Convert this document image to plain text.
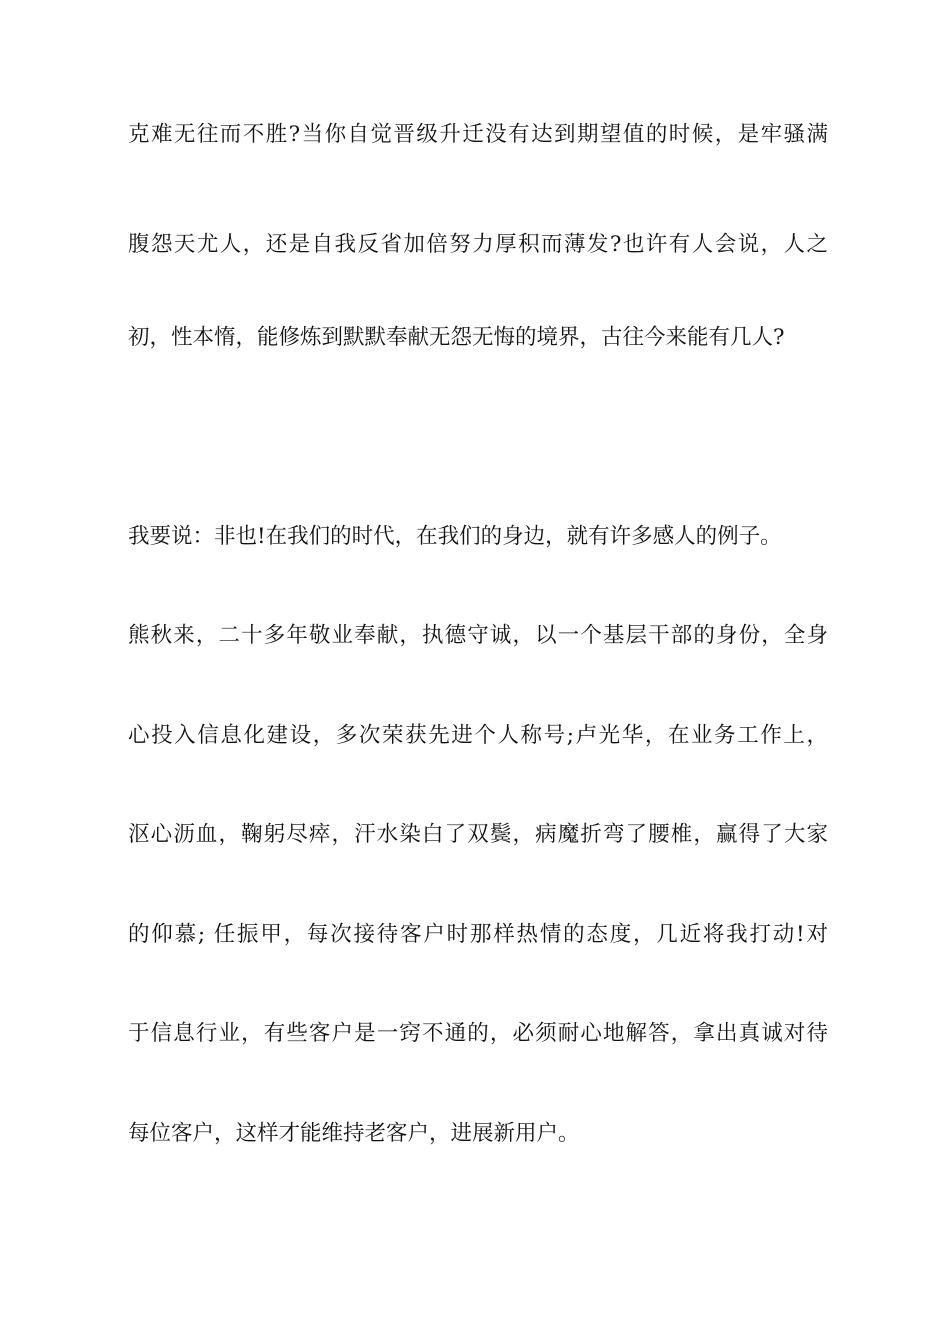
克难无往而不胜?当你自觉晋级升迁没有达到期望值的时候，是牢骚满
腹怨天尤人，还是自我反省加倍努力厚积而薄发?也许有人会说，人之
初，性本惰，能修炼到默默奉献无怨无悔的境界，古往今来能有几人?
我要说：非也!在我们的时代，在我们的身边，就有许多感人的例子。
熊秋来，二十多年敬业奉献，执德守诚，以一个基层干部的身份，全身
心投入信息化建设，多次荣获先进个人称号;卢光华，在业务工作上，
沤心沥血，鞠躬尽瘁，汗水染白了双鬓，病魔折弯了腰椎，赢得了大家
的仰慕; 任振甲，每次接待客户时那样热情的态度，几近将我打动!对
于信息行业，有些客户是一窍不通的，必须耐心地解答，拿出真诚对待
每位客户，这样才能维持老客户，进展新用户。
